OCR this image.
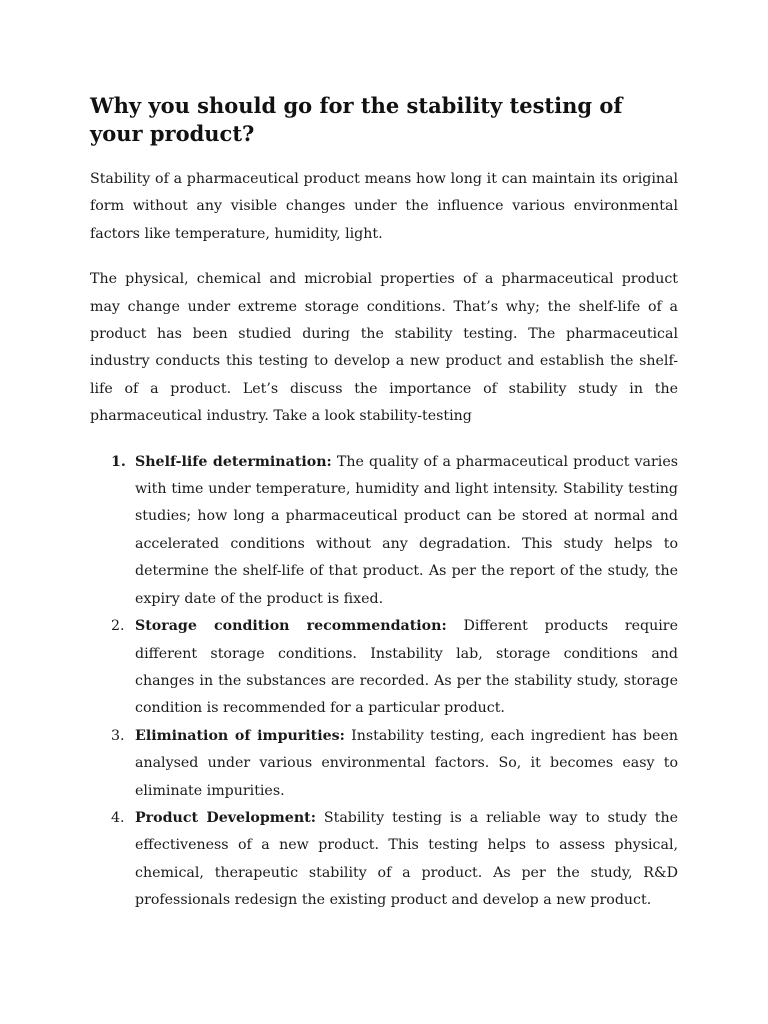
Why you should go for the stability testing of your product?

Stability of a pharmaceutical product means how long it can maintain its original form without any visible changes under the influence various environmental factors like temperature, humidity, light.

The physical, chemical and microbial properties of a pharmaceutical product may change under extreme storage conditions. That’s why; the shelf-life of a product has been studied during the stability testing. The pharmaceutical industry conducts this testing to develop a new product and establish the shelf-life of a product. Let’s discuss the importance of stability study in the pharmaceutical industry. Take a look stability-testing

1. Shelf-life determination: The quality of a pharmaceutical product varies with time under temperature, humidity and light intensity. Stability testing studies; how long a pharmaceutical product can be stored at normal and accelerated conditions without any degradation. This study helps to determine the shelf-life of that product. As per the report of the study, the expiry date of the product is fixed.
2. Storage condition recommendation: Different products require different storage conditions. Instability lab, storage conditions and changes in the substances are recorded. As per the stability study, storage condition is recommended for a particular product.
3. Elimination of impurities: Instability testing, each ingredient has been analysed under various environmental factors. So, it becomes easy to eliminate impurities.
4. Product Development: Stability testing is a reliable way to study the effectiveness of a new product. This testing helps to assess physical, chemical, therapeutic stability of a product. As per the study, R&D professionals redesign the existing product and develop a new product.
